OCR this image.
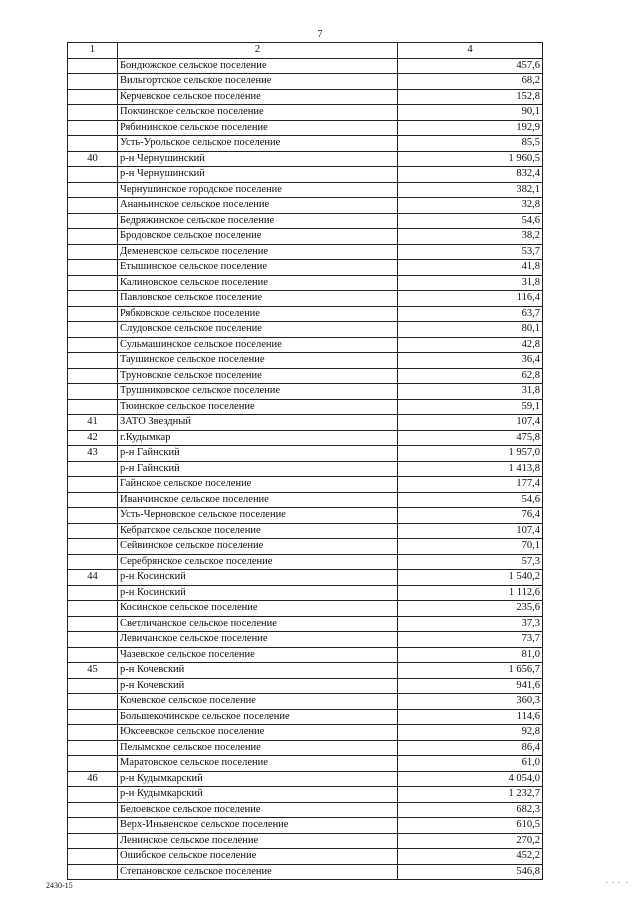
7
1	2	4
	Бондюжское сельское поселение	457,6
	Вильгортское сельское поселение	68,2
	Керчевское сельское поселение	152,8
	Покчинское сельское поселение	90,1
	Рябининское сельское поселение	192,9
	Усть-Урольское сельское поселение	85,5
40	р-н Чернушинский	1 960,5
	р-н Чернушинский	832,4
	Чернушинское городское поселение	382,1
	Ананьинское сельское поселение	32,8
	Бедряжинское сельское поселение	54,6
	Бродовское сельское поселение	38,2
	Деменевское сельское поселение	53,7
	Етышинское сельское поселение	41,8
	Калиновское сельское поселение	31,8
	Павловское сельское поселение	116,4
	Рябковское сельское поселение	63,7
	Слудовское сельское поселение	80,1
	Сульмашинское сельское поселение	42,8
	Таушинское сельское поселение	36,4
	Труновское сельское поселение	62,8
	Трушниковское сельское поселение	31,8
	Тюинское сельское поселение	59,1
41	ЗАТО Звездный	107,4
42	г.Кудымкар	475,8
43	р-н Гайнский	1 957,0
	р-н Гайнский	1 413,8
	Гайнское сельское поселение	177,4
	Иванчинское сельское поселение	54,6
	Усть-Черновское сельское поселение	76,4
	Кебратское сельское поселение	107,4
	Сейвинское сельское поселение	70,1
	Серебрянское сельское поселение	57,3
44	р-н Косинский	1 540,2
	р-н Косинский	1 112,6
	Косинское сельское поселение	235,6
	Светличанское сельское поселение	37,3
	Левичанское сельское поселение	73,7
	Чазевское сельское поселение	81,0
45	р-н Кочевский	1 656,7
	р-н Кочевский	941,6
	Кочевское сельское поселение	360,3
	Большекочинское сельское поселение	114,6
	Юксеевское сельское поселение	92,8
	Пелымское сельское поселение	86,4
	Маратовское сельское поселение	61,0
46	р-н Кудымкарский	4 054,0
	р-н Кудымкарский	1 232,7
	Белоевское сельское поселение	682,3
	Верх-Иньвенское сельское поселение	610,5
	Ленинское сельское поселение	270,2
	Ошибское сельское поселение	452,2
	Степановское сельское поселение	546,8
2430-15
.  .  .   .
